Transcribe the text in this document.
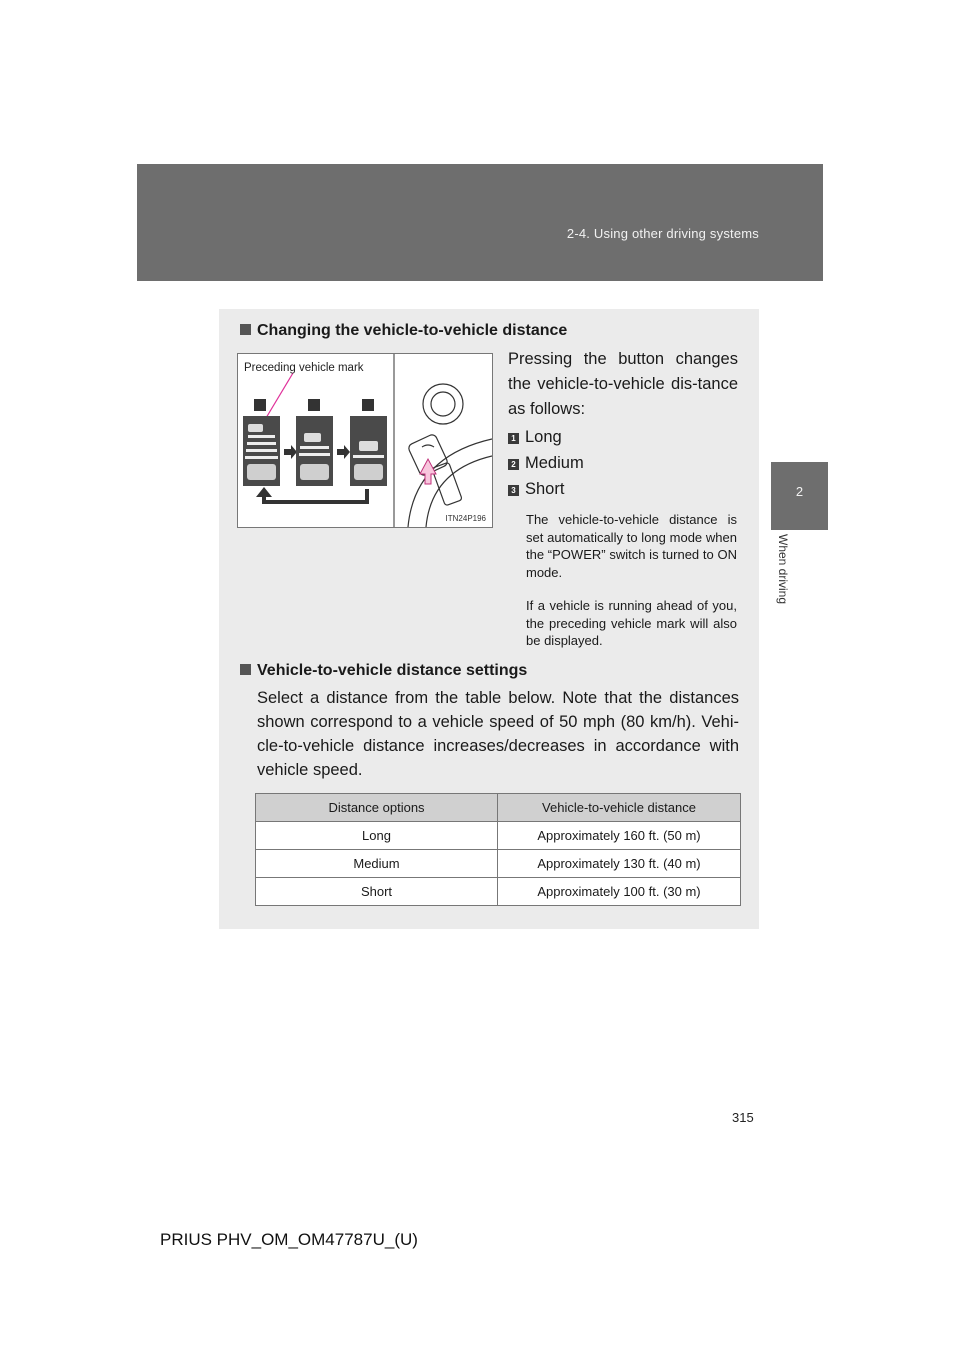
2-4. Using other driving systems
2
When driving
Changing the vehicle-to-vehicle distance
Preceding vehicle mark
ITN24P196
Pressing the button changes the vehicle-to-vehicle dis-tance as follows:
1 Long
2 Medium
3 Short
The vehicle-to-vehicle distance is set automatically to long mode when the “POWER” switch is turned to ON mode.
If a vehicle is running ahead of you, the preceding vehicle mark will also be displayed.
Vehicle-to-vehicle distance settings
Select a distance from the table below. Note that the distances shown correspond to a vehicle speed of 50 mph (80 km/h). Vehi-cle-to-vehicle distance increases/decreases in accordance with vehicle speed.
Distance options	Vehicle-to-vehicle distance
Long	Approximately 160 ft. (50 m)
Medium	Approximately 130 ft. (40 m)
Short	Approximately 100 ft. (30 m)
315
PRIUS PHV_OM_OM47787U_(U)
